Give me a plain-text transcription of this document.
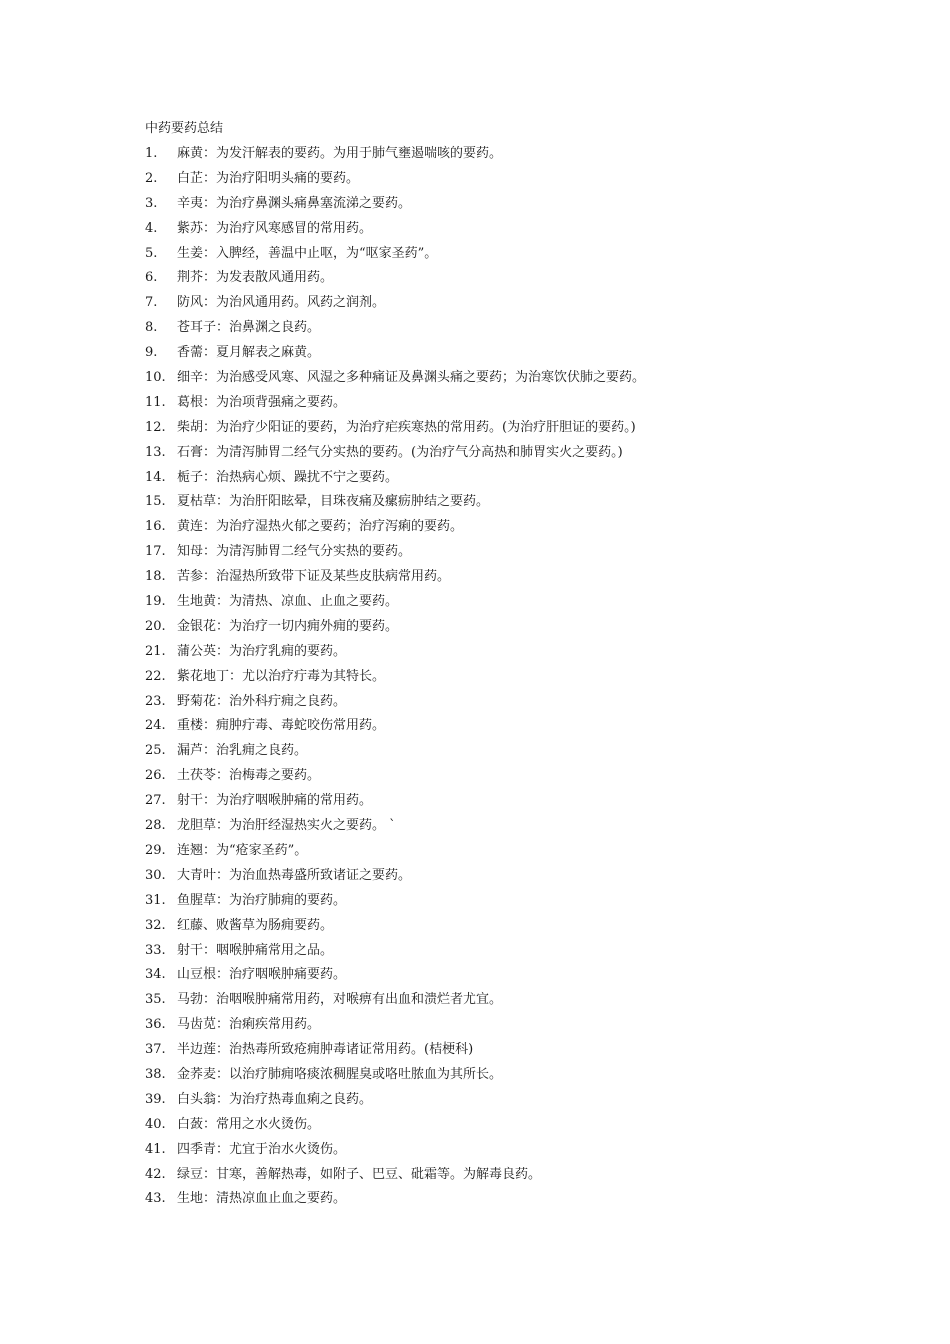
中药要药总结
1.	麻黄：为发汗解表的要药。为用于肺气壅遏喘咳的要药。
2.	白芷：为治疗阳明头痛的要药。
3.	辛夷：为治疗鼻渊头痛鼻塞流涕之要药。
4.	紫苏：为治疗风寒感冒的常用药。
5.	生姜：入脾经，善温中止呕，为“呕家圣药”。
6.	荆芥：为发表散风通用药。
7.	防风：为治风通用药。风药之润剂。
8.	苍耳子：治鼻渊之良药。
9.	香薷：夏月解表之麻黄。
10. 细辛：为治感受风寒、风湿之多种痛证及鼻渊头痛之要药；为治寒饮伏肺之要药。
11. 葛根：为治项背强痛之要药。
12. 柴胡：为治疗少阳证的要药，为治疗疟疾寒热的常用药。(为治疗肝胆证的要药。)
13. 石膏：为清泻肺胃二经气分实热的要药。(为治疗气分高热和肺胃实火之要药。)
14. 栀子：治热病心烦、躁扰不宁之要药。
15. 夏枯草：为治肝阳眩晕，目珠夜痛及瘰疬肿结之要药。
16. 黄连：为治疗湿热火郁之要药；治疗泻痢的要药。
17. 知母：为清泻肺胃二经气分实热的要药。
18. 苦参：治湿热所致带下证及某些皮肤病常用药。
19. 生地黄：为清热、凉血、止血之要药。
20. 金银花：为治疗一切内痈外痈的要药。
21. 蒲公英：为治疗乳痈的要药。
22. 紫花地丁：尤以治疗疔毒为其特长。
23. 野菊花：治外科疔痈之良药。
24. 重楼：痈肿疔毒、毒蛇咬伤常用药。
25. 漏芦：治乳痈之良药。
26. 土茯苓：治梅毒之要药。
27. 射干：为治疗咽喉肿痛的常用药。
28. 龙胆草：为治肝经湿热实火之要药。 `
29. 连翘：为“疮家圣药”。
30. 大青叶：为治血热毒盛所致诸证之要药。
31. 鱼腥草：为治疗肺痈的要药。
32. 红藤、败酱草为肠痈要药。
33. 射干：咽喉肿痛常用之品。
34. 山豆根：治疗咽喉肿痛要药。
35. 马勃：治咽喉肿痛常用药，对喉痹有出血和溃烂者尤宜。
36. 马齿苋：治痢疾常用药。
37. 半边莲：治热毒所致疮痈肿毒诸证常用药。(桔梗科)
38. 金荞麦：以治疗肺痈咯痰浓稠腥臭或咯吐脓血为其所长。
39. 白头翁：为治疗热毒血痢之良药。
40. 白蔹：常用之水火烫伤。
41. 四季青：尤宜于治水火烫伤。
42. 绿豆：甘寒，善解热毒，如附子、巴豆、砒霜等。为解毒良药。
43. 生地：清热凉血止血之要药。
